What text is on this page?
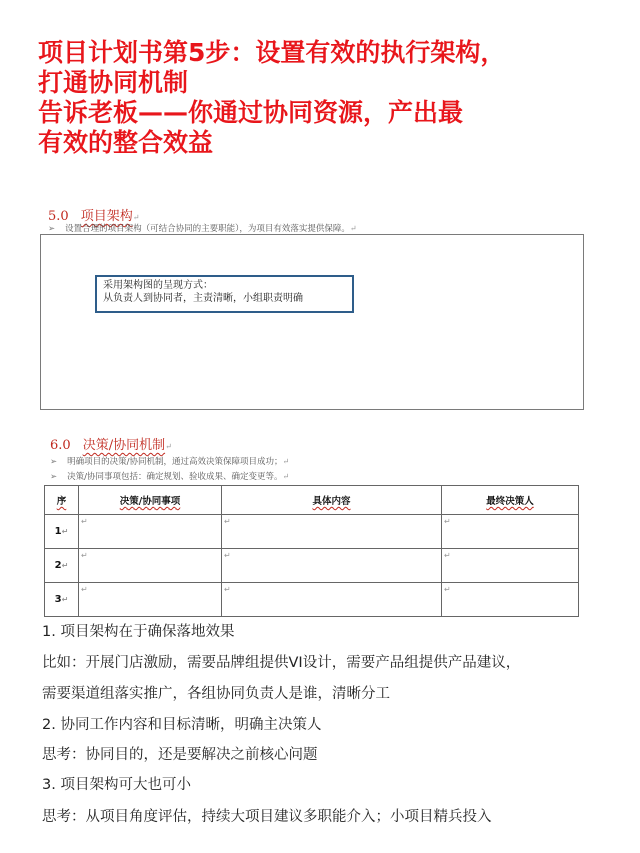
项目计划书第5步：设置有效的执行架构，
打通协同机制
告诉老板——你通过协同资源，产出最
有效的整合效益
5.0 项目架构↵
➢ 设置合理的项目架构（可结合协同的主要职能），为项目有效落实提供保障。↵
采用架构图的呈现方式：
从负责人到协同者，主责清晰，小组职责明确
6.0 决策/协同机制↵
➢ 明确项目的决策/协同机制，通过高效决策保障项目成功；↵
➢ 决策/协同事项包括：确定规划、验收成果、确定变更等。↵
序	决策/协同事项	具体内容	最终决策人
1↵	↵	↵	↵
2↵	↵	↵	↵
3↵	↵	↵	↵
1. 项目架构在于确保落地效果
比如：开展门店激励，需要品牌组提供VI设计，需要产品组提供产品建议，
需要渠道组落实推广，各组协同负责人是谁，清晰分工
2. 协同工作内容和目标清晰，明确主决策人
思考：协同目的，还是要解决之前核心问题
3. 项目架构可大也可小
思考：从项目角度评估，持续大项目建议多职能介入；小项目精兵投入
